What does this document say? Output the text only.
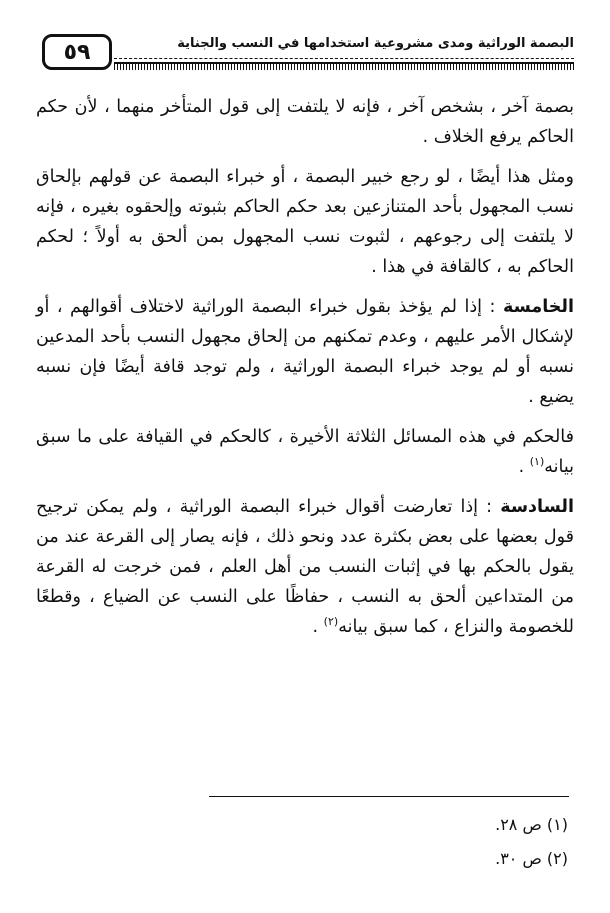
٥٩	البصمة الوراثية ومدى مشروعية استخدامها في النسب والجناية

بصمة آخر ، بشخص آخر ، فإنه لا يلتفت إلى قول المتأخر منهما ، لأن حكم الحاكم يرفع الخلاف .

ومثل هذا أيضًا ، لو رجع خبير البصمة ، أو خبراء البصمة عن قولهم بإلحاق نسب المجهول بأحد المتنازعين بعد حكم الحاكم بثبوته وإلحقوه بغيره ، فإنه لا يلتفت إلى رجوعهم ، لثبوت نسب المجهول بمن ألحق به أولاً ؛ لحكم الحاكم به ، كالقافة في هذا .

الخامسة : إذا لم يؤخذ بقول خبراء البصمة الوراثية لاختلاف أقوالهم ، أو لإشكال الأمر عليهم ، وعدم تمكنهم من إلحاق مجهول النسب بأحد المدعين نسبه أو لم يوجد خبراء البصمة الوراثية ، ولم توجد قافة أيضًا فإن نسبه يضيع .

فالحكم في هذه المسائل الثلاثة الأخيرة ، كالحكم في القيافة على ما سبق بيانه$^{(١)}$ .

السادسة : إذا تعارضت أقوال خبراء البصمة الوراثية ، ولم يمكن ترجيح قول بعضها على بعض بكثرة عدد ونحو ذلك ، فإنه يصار إلى القرعة عند من يقول بالحكم بها في إثبات النسب من أهل العلم ، فمن خرجت له القرعة من المتداعين ألحق به النسب ، حفاظًا على النسب عن الضياع ، وقطعًا للخصومة والنزاع ، كما سبق بيانه$^{(٢)}$ .

(١) ص ٢٨.
(٢) ص ٣٠.
